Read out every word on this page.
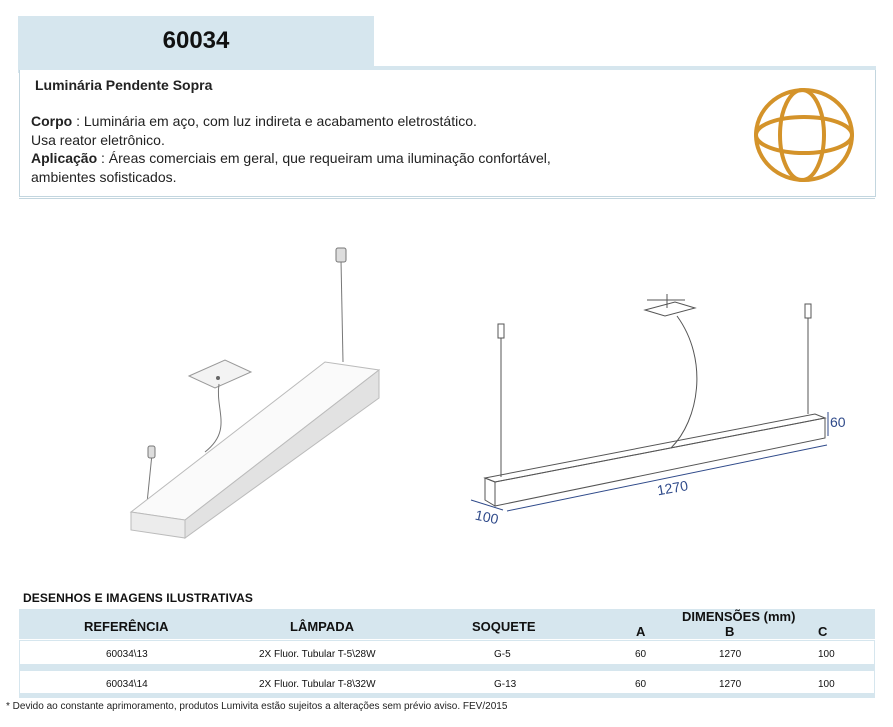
60034
Luminária Pendente Sopra
Corpo : Luminária em aço, com luz indireta e acabamento eletrostático.
Usa reator eletrônico.
Aplicação : Áreas comerciais em geral, que requeiram uma iluminação confortável,
ambientes sofisticados.
1270
100
60
DESENHOS E IMAGENS ILUSTRATIVAS
REFERÊNCIA	LÂMPADA	SOQUETE
DIMENSÕES (mm)
A	B	C
60034\13	2X Fluor. Tubular T-5\28W	G-5	60	1270	100
60034\14	2X Fluor. Tubular T-8\32W	G-13	60	1270	100
* Devido ao constante aprimoramento, produtos Lumivita estão sujeitos a alterações sem prévio aviso. FEV/2015
